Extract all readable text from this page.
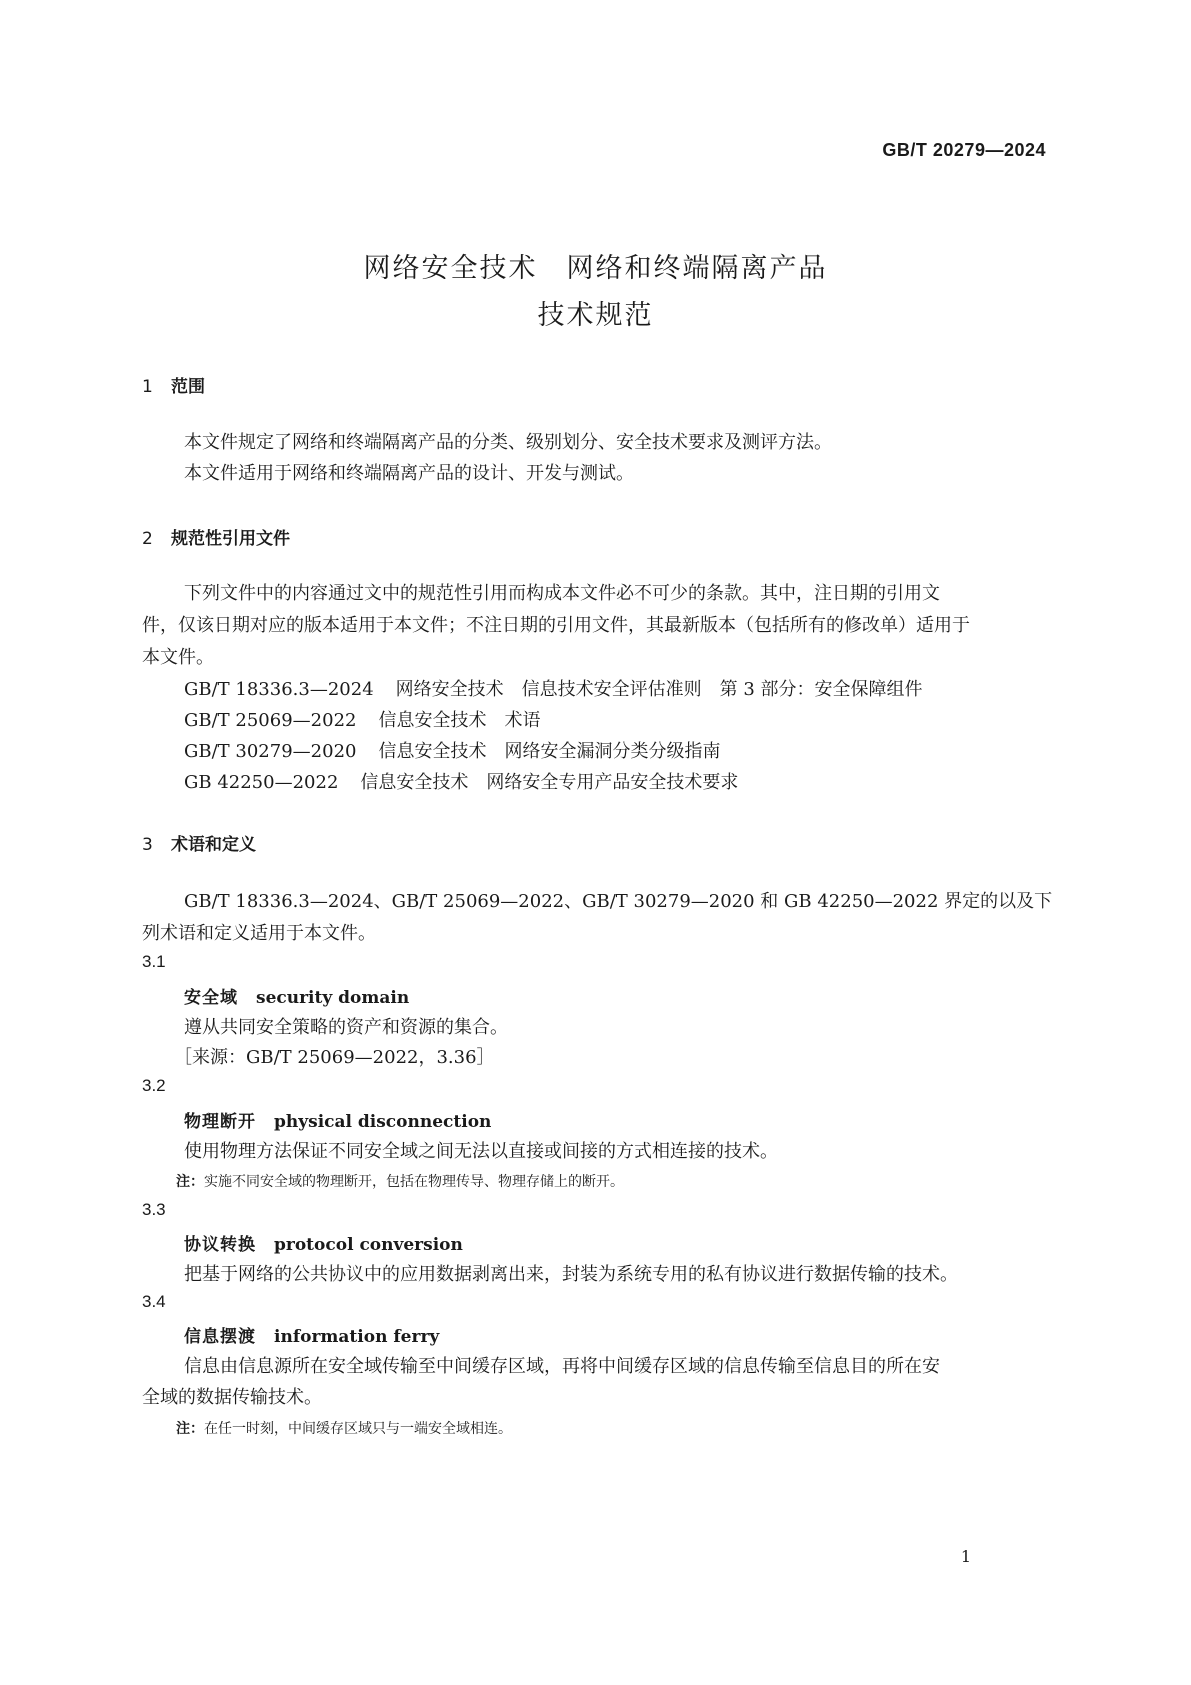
GB/T 20279—2024
网络安全技术　网络和终端隔离产品
技术规范
1 范围
本文件规定了网络和终端隔离产品的分类、级别划分、安全技术要求及测评方法。
本文件适用于网络和终端隔离产品的设计、开发与测试。
2 规范性引用文件
下列文件中的内容通过文中的规范性引用而构成本文件必不可少的条款。其中，注日期的引用文
件，仅该日期对应的版本适用于本文件；不注日期的引用文件，其最新版本（包括所有的修改单）适用于
本文件。
GB/T 18336.3—2024 网络安全技术　信息技术安全评估准则　第 3 部分：安全保障组件
GB/T 25069—2022 信息安全技术　术语
GB/T 30279—2020 信息安全技术　网络安全漏洞分类分级指南
GB 42250—2022 信息安全技术　网络安全专用产品安全技术要求
3 术语和定义
GB/T 18336.3—2024、GB/T 25069—2022、GB/T 30279—2020 和 GB 42250—2022 界定的以及下
列术语和定义适用于本文件。
3.1
安全域 security domain
遵从共同安全策略的资产和资源的集合。
［来源：GB/T 25069—2022，3.36］
3.2
物理断开 physical disconnection
使用物理方法保证不同安全域之间无法以直接或间接的方式相连接的技术。
注：实施不同安全域的物理断开，包括在物理传导、物理存储上的断开。
3.3
协议转换 protocol conversion
把基于网络的公共协议中的应用数据剥离出来，封装为系统专用的私有协议进行数据传输的技术。
3.4
信息摆渡 information ferry
信息由信息源所在安全域传输至中间缓存区域，再将中间缓存区域的信息传输至信息目的所在安
全域的数据传输技术。
注：在任一时刻，中间缓存区域只与一端安全域相连。
1
